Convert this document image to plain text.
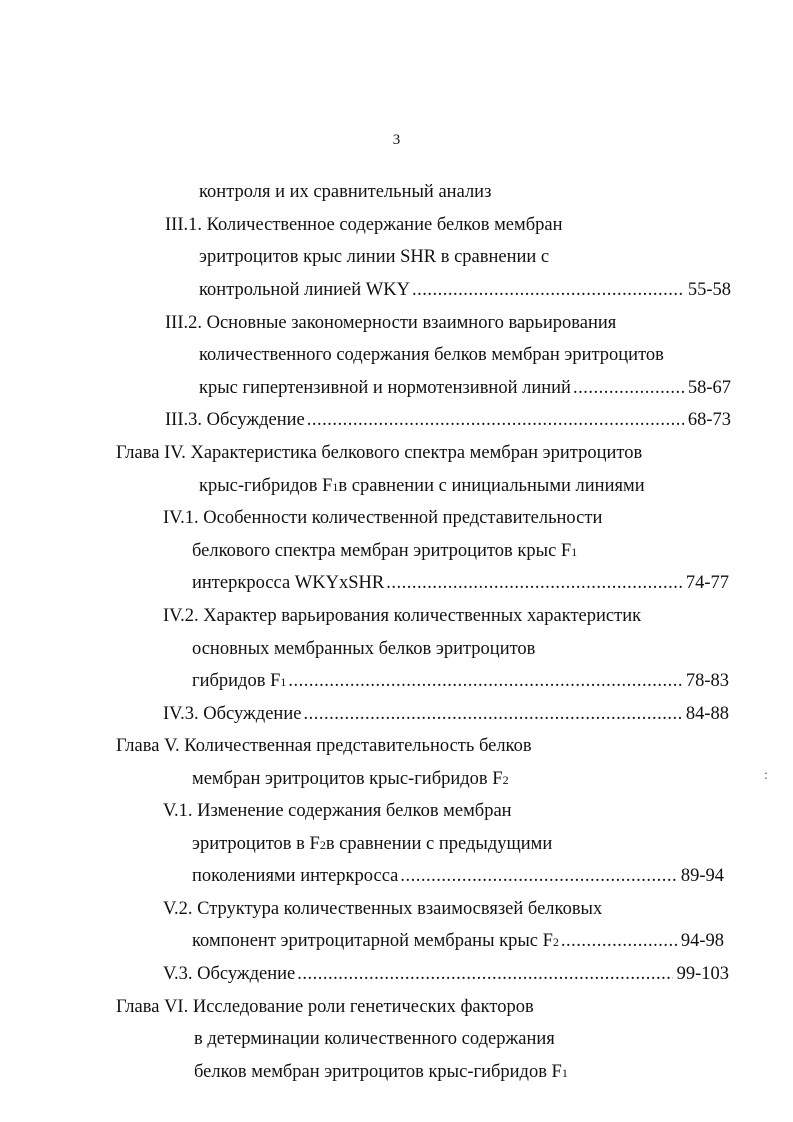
3
контроля и их сравнительный анализ
III.1. Количественное содержание белков мембран
эритроцитов крыс линии SHR в сравнении с
контрольной линией WKY .....	55-58
III.2. Основные закономерности взаимного варьирования
количественного содержания белков мембран эритроцитов
крыс гипертензивной и нормотензивной линий .....	58-67
III.3. Обсуждение .....	68-73
Глава IV. Характеристика белкового спектра мембран эритроцитов
крыс-гибридов F 1 в сравнении с инициальными линиями
IV.1. Особенности количественной представительности
белкового спектра мембран эритроцитов крыс F 1
интеркросса WKYxSHR .....	74-77
IV.2. Характер варьирования количественных характеристик
основных мембранных белков эритроцитов
гибридов F 1 .....	78-83
IV.3. Обсуждение .....	84-88
Глава V. Количественная представительность белков
мембран эритроцитов крыс-гибридов F 2
V.1. Изменение содержания белков мембран
эритроцитов в F 2 в сравнении с предыдущими
поколениями интеркросса .....	89-94
V.2. Структура количественных взаимосвязей белковых
компонент эритроцитарной мембраны крыс F 2 .....	94-98
V.3. Обсуждение .....	99-103
Глава VI. Исследование роли генетических факторов
в детерминации количественного содержания
белков мембран эритроцитов крыс-гибридов F 1
:
